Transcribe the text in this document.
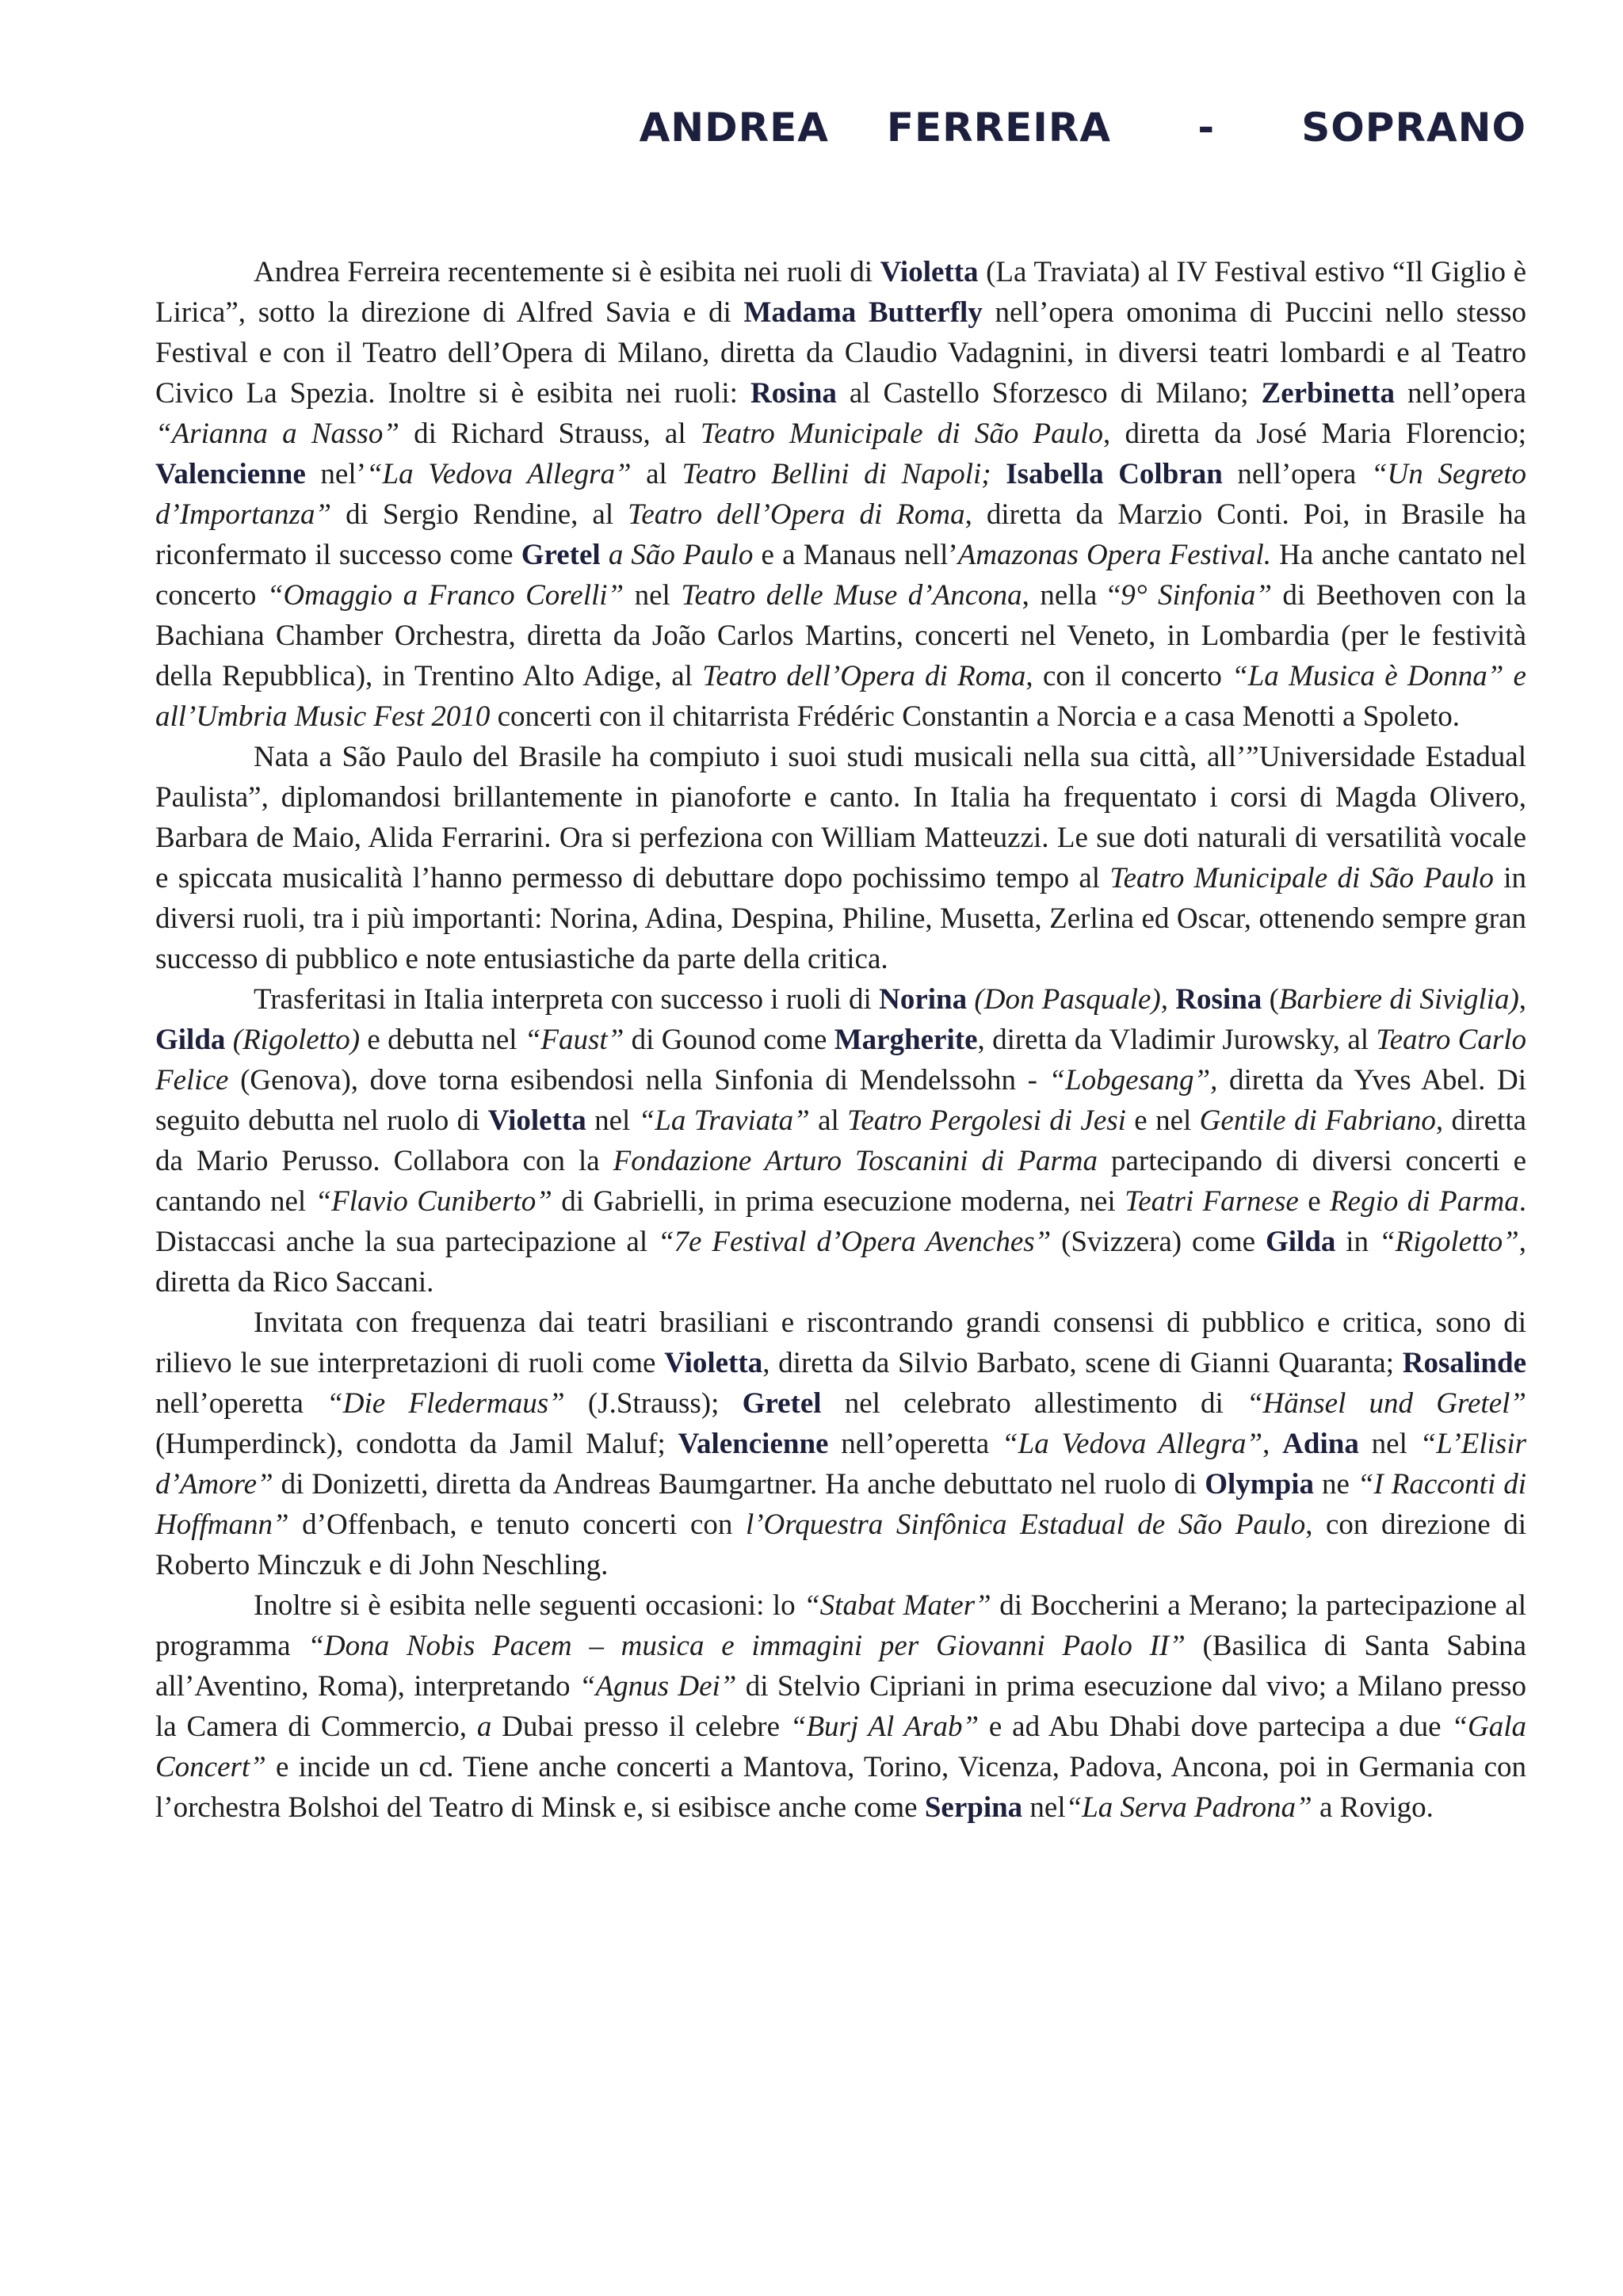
ANDREA  FERREIRA   -   SOPRANO

Andrea Ferreira recentemente si è esibita nei ruoli di Violetta (La Traviata) al IV Festival estivo “Il Giglio è Lirica”, sotto la direzione di Alfred Savia e di Madama Butterfly nell’opera omonima di Puccini nello stesso Festival e con il Teatro dell’Opera di Milano, diretta da Claudio Vadagnini, in diversi teatri lombardi e al Teatro Civico La Spezia. Inoltre si è esibita nei ruoli: Rosina al Castello Sforzesco di Milano; Zerbinetta nell’opera “Arianna a Nasso” di Richard Strauss, al Teatro Municipale di São Paulo, diretta da José Maria Florencio; Valencienne nel’“La Vedova Allegra” al Teatro Bellini di Napoli; Isabella Colbran nell’opera “Un Segreto d’Importanza” di Sergio Rendine, al Teatro dell’Opera di Roma, diretta da Marzio Conti. Poi, in Brasile ha riconfermato il successo come Gretel a São Paulo e a Manaus nell’Amazonas Opera Festival. Ha anche cantato nel concerto “Omaggio a Franco Corelli” nel Teatro delle Muse d’Ancona, nella “9° Sinfonia” di Beethoven con la Bachiana Chamber Orchestra, diretta da João Carlos Martins, concerti nel Veneto, in Lombardia (per le festività della Repubblica), in Trentino Alto Adige, al Teatro dell’Opera di Roma, con il concerto “La Musica è Donna” e all’Umbria Music Fest 2010 concerti con il chitarrista Frédéric Constantin a Norcia e a casa Menotti a Spoleto.

Nata a São Paulo del Brasile ha compiuto i suoi studi musicali nella sua città, all’”Universidade Estadual Paulista”, diplomandosi brillantemente in pianoforte e canto. In Italia ha frequentato i corsi di Magda Olivero, Barbara de Maio, Alida Ferrarini. Ora si perfeziona con William Matteuzzi. Le sue doti naturali di versatilità vocale e spiccata musicalità l’hanno permesso di debuttare dopo pochissimo tempo al Teatro Municipale di São Paulo in diversi ruoli, tra i più importanti: Norina, Adina, Despina, Philine, Musetta, Zerlina ed Oscar, ottenendo sempre gran successo di pubblico e note entusiastiche da parte della critica.

Trasferitasi in Italia interpreta con successo i ruoli di Norina (Don Pasquale), Rosina (Barbiere di Siviglia), Gilda (Rigoletto) e debutta nel “Faust” di Gounod come Margherite, diretta da Vladimir Jurowsky, al Teatro Carlo Felice (Genova), dove torna esibendosi nella Sinfonia di Mendelssohn - “Lobgesang”, diretta da Yves Abel. Di seguito debutta nel ruolo di Violetta nel “La Traviata” al Teatro Pergolesi di Jesi e nel Gentile di Fabriano, diretta da Mario Perusso. Collabora con la Fondazione Arturo Toscanini di Parma partecipando di diversi concerti e cantando nel “Flavio Cuniberto” di Gabrielli, in prima esecuzione moderna, nei Teatri Farnese e Regio di Parma. Distaccasi anche la sua partecipazione al “7e Festival d’Opera Avenches” (Svizzera) come Gilda in “Rigoletto”, diretta da Rico Saccani.

Invitata con frequenza dai teatri brasiliani e riscontrando grandi consensi di pubblico e critica, sono di rilievo le sue interpretazioni di ruoli come Violetta, diretta da Silvio Barbato, scene di Gianni Quaranta; Rosalinde nell’operetta “Die Fledermaus” (J.Strauss); Gretel nel celebrato allestimento di “Hänsel und Gretel” (Humperdinck), condotta da Jamil Maluf; Valencienne nell’operetta “La Vedova Allegra”, Adina nel “L’Elisir d’Amore” di Donizetti, diretta da Andreas Baumgartner. Ha anche debuttato nel ruolo di Olympia ne “I Racconti di Hoffmann” d’Offenbach, e tenuto concerti con l’Orquestra Sinfônica Estadual de São Paulo, con direzione di Roberto Minczuk e di John Neschling.

Inoltre si è esibita nelle seguenti occasioni: lo “Stabat Mater” di Boccherini a Merano; la partecipazione al programma “Dona Nobis Pacem – musica e immagini per Giovanni Paolo II” (Basilica di Santa Sabina all’Aventino, Roma), interpretando “Agnus Dei” di Stelvio Cipriani in prima esecuzione dal vivo; a Milano presso la Camera di Commercio, a Dubai presso il celebre “Burj Al Arab” e ad Abu Dhabi dove partecipa a due “Gala Concert” e incide un cd. Tiene anche concerti a Mantova, Torino, Vicenza, Padova, Ancona, poi in Germania con l’orchestra Bolshoi del Teatro di Minsk e, si esibisce anche come Serpina nel“La Serva Padrona” a Rovigo.
